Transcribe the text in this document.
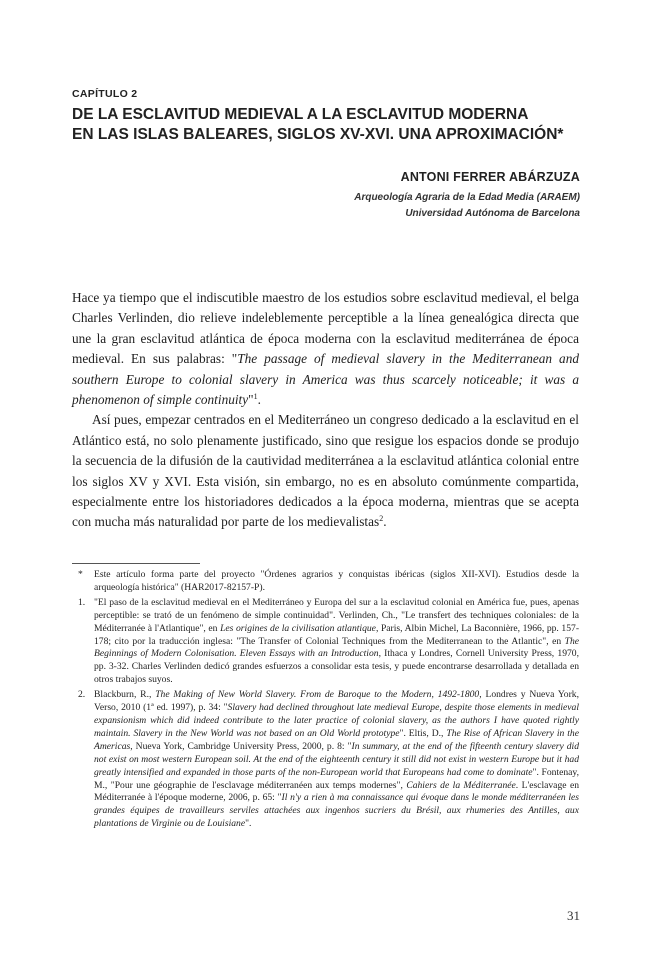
CAPÍTULO 2
DE LA ESCLAVITUD MEDIEVAL A LA ESCLAVITUD MODERNA
EN LAS ISLAS BALEARES, SIGLOS XV-XVI. UNA APROXIMACIÓN*
ANTONI FERRER ABÁRZUZA
Arqueología Agraria de la Edad Media (ARAEM)
Universidad Autónoma de Barcelona

Hace ya tiempo que el indiscutible maestro de los estudios sobre esclavitud medieval, el belga Charles Verlinden, dio relieve indeleblemente perceptible a la línea genealógica directa que une la gran esclavitud atlántica de época moderna con la esclavitud mediterránea de época medieval. En sus palabras: "The passage of medieval slavery in the Mediterranean and southern Europe to colonial slavery in America was thus scarcely noticeable; it was a phenomenon of simple continuity"$^1$.

Así pues, empezar centrados en el Mediterráneo un congreso dedicado a la esclavitud en el Atlántico está, no solo plenamente justificado, sino que resigue los espacios donde se produjo la secuencia de la difusión de la cautividad mediterránea a la esclavitud atlántica colonial entre los siglos XV y XVI. Esta visión, sin embargo, no es en absoluto comúnmente compartida, especialmente entre los historiadores dedicados a la época moderna, mientras que se acepta con mucha más naturalidad por parte de los medievalistas$^2$.

* Este artículo forma parte del proyecto "Órdenes agrarios y conquistas ibéricas (siglos XII-XVI). Estudios desde la arqueología histórica" (HAR2017-82157-P).
1. "El paso de la esclavitud medieval en el Mediterráneo y Europa del sur a la esclavitud colonial en América fue, pues, apenas perceptible: se trató de un fenómeno de simple continuidad". Verlinden, Ch., "Le transfert des techniques coloniales: de la Méditerranée à l'Atlantique", en Les origines de la civilisation atlantique, Paris, Albin Michel, La Baconnière, 1966, pp. 157-178; cito por la traducción inglesa: "The Transfer of Colonial Techniques from the Mediterranean to the Atlantic", en The Beginnings of Modern Colonisation. Eleven Essays with an Introduction, Ithaca y Londres, Cornell University Press, 1970, pp. 3-32. Charles Verlinden dedicó grandes esfuerzos a consolidar esta tesis, y puede encontrarse desarrollada y detallada en otros trabajos suyos.
2. Blackburn, R., The Making of New World Slavery. From de Baroque to the Modern, 1492-1800, Londres y Nueva York, Verso, 2010 (1ª ed. 1997), p. 34: "Slavery had declined throughout late medieval Europe, despite those elements in medieval expansionism which did indeed contribute to the later practice of colonial slavery, as the authors I have quoted rightly maintain. Slavery in the New World was not based on an Old World prototype". Eltis, D., The Rise of African Slavery in the Americas, Nueva York, Cambridge University Press, 2000, p. 8: "In summary, at the end of the fifteenth century slavery did not exist on most western European soil. At the end of the eighteenth century it still did not exist in western Europe but it had greatly intensified and expanded in those parts of the non-European world that Europeans had come to dominate". Fontenay, M., "Pour une géographie de l'esclavage méditerranéen aux temps modernes", Cahiers de la Méditerranée. L'esclavage en Méditerranée à l'époque moderne, 2006, p. 65: "Il n'y a rien à ma connaissance qui évoque dans le monde méditerranéen les grandes équipes de travailleurs serviles attachées aux ingenhos sucriers du Brésil, aux rhumeries des Antilles, aux plantations de Virginie ou de Louisiane".
31
